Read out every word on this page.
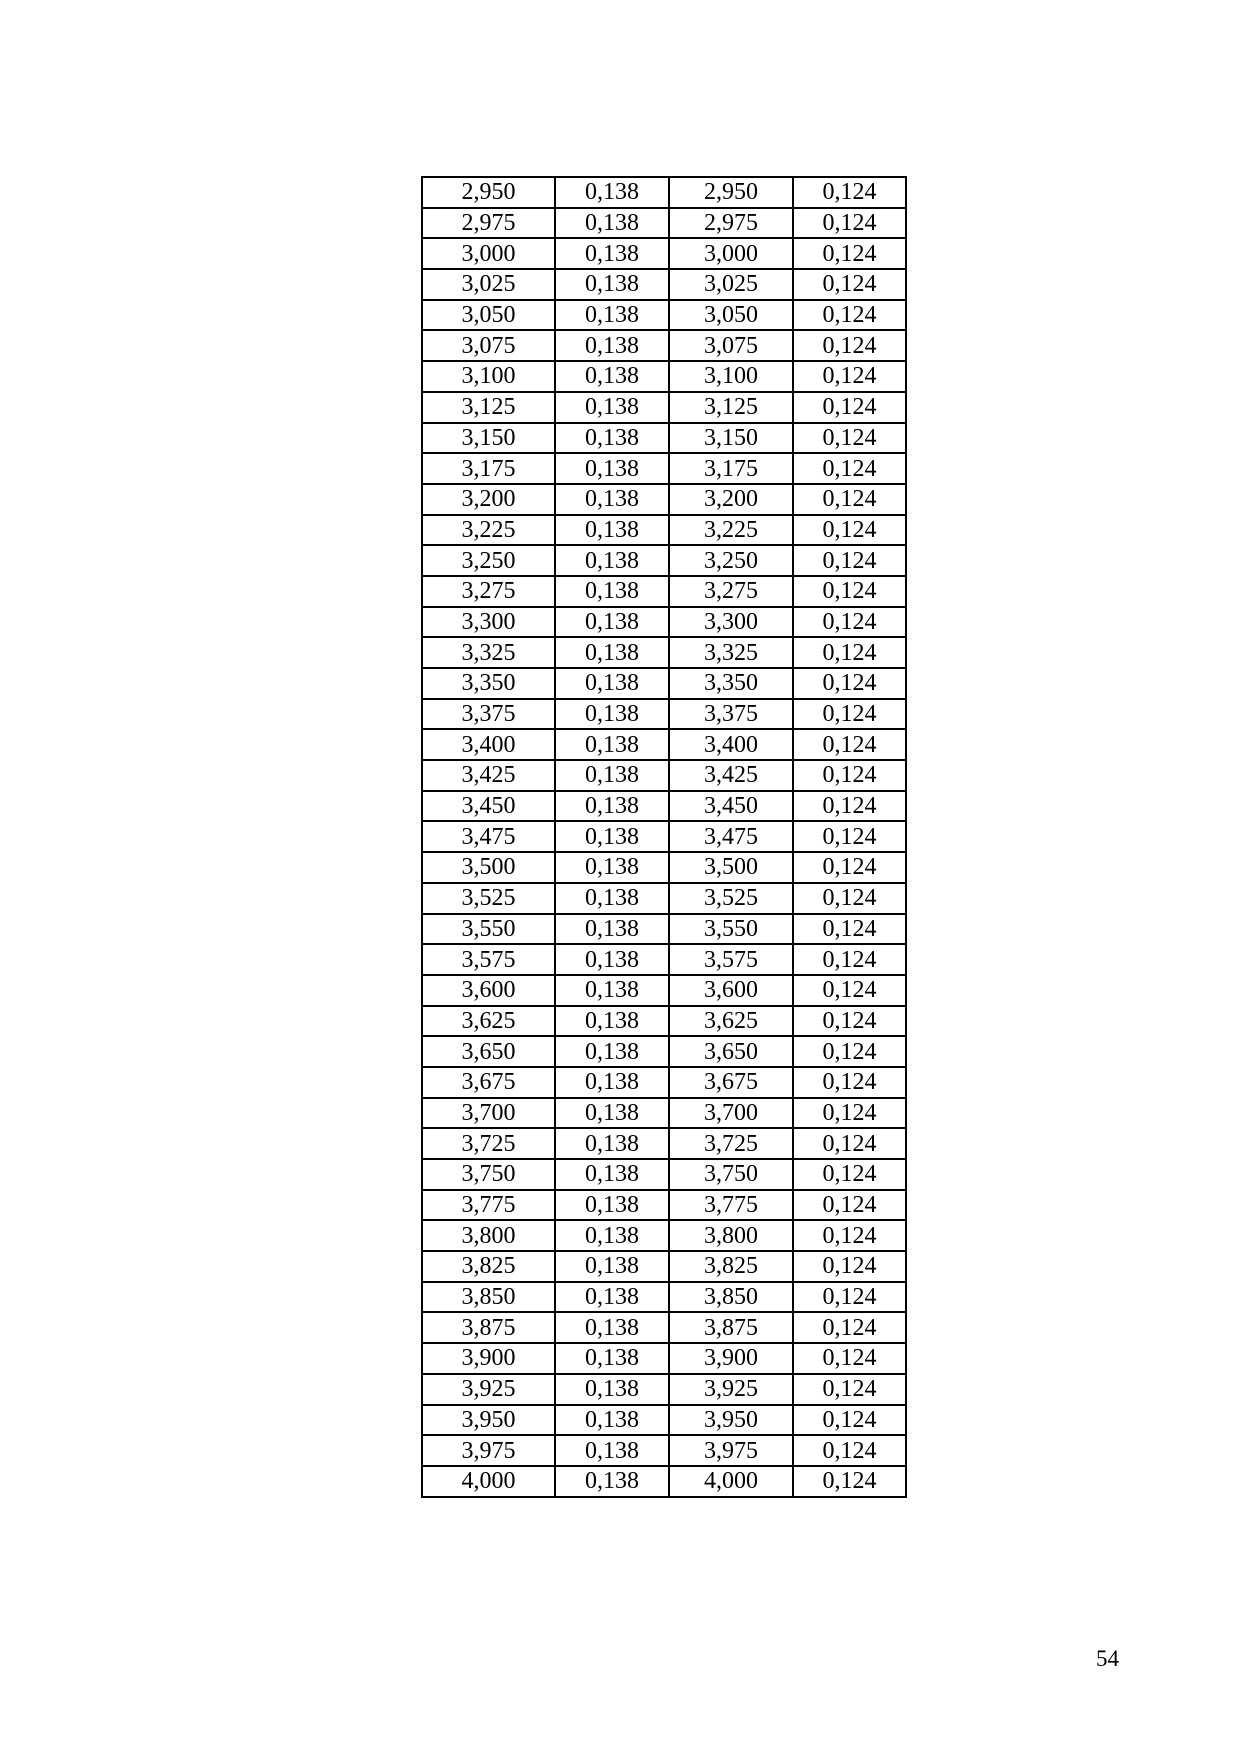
2,950	0,138	2,950	0,124
2,975	0,138	2,975	0,124
3,000	0,138	3,000	0,124
3,025	0,138	3,025	0,124
3,050	0,138	3,050	0,124
3,075	0,138	3,075	0,124
3,100	0,138	3,100	0,124
3,125	0,138	3,125	0,124
3,150	0,138	3,150	0,124
3,175	0,138	3,175	0,124
3,200	0,138	3,200	0,124
3,225	0,138	3,225	0,124
3,250	0,138	3,250	0,124
3,275	0,138	3,275	0,124
3,300	0,138	3,300	0,124
3,325	0,138	3,325	0,124
3,350	0,138	3,350	0,124
3,375	0,138	3,375	0,124
3,400	0,138	3,400	0,124
3,425	0,138	3,425	0,124
3,450	0,138	3,450	0,124
3,475	0,138	3,475	0,124
3,500	0,138	3,500	0,124
3,525	0,138	3,525	0,124
3,550	0,138	3,550	0,124
3,575	0,138	3,575	0,124
3,600	0,138	3,600	0,124
3,625	0,138	3,625	0,124
3,650	0,138	3,650	0,124
3,675	0,138	3,675	0,124
3,700	0,138	3,700	0,124
3,725	0,138	3,725	0,124
3,750	0,138	3,750	0,124
3,775	0,138	3,775	0,124
3,800	0,138	3,800	0,124
3,825	0,138	3,825	0,124
3,850	0,138	3,850	0,124
3,875	0,138	3,875	0,124
3,900	0,138	3,900	0,124
3,925	0,138	3,925	0,124
3,950	0,138	3,950	0,124
3,975	0,138	3,975	0,124
4,000	0,138	4,000	0,124
54
